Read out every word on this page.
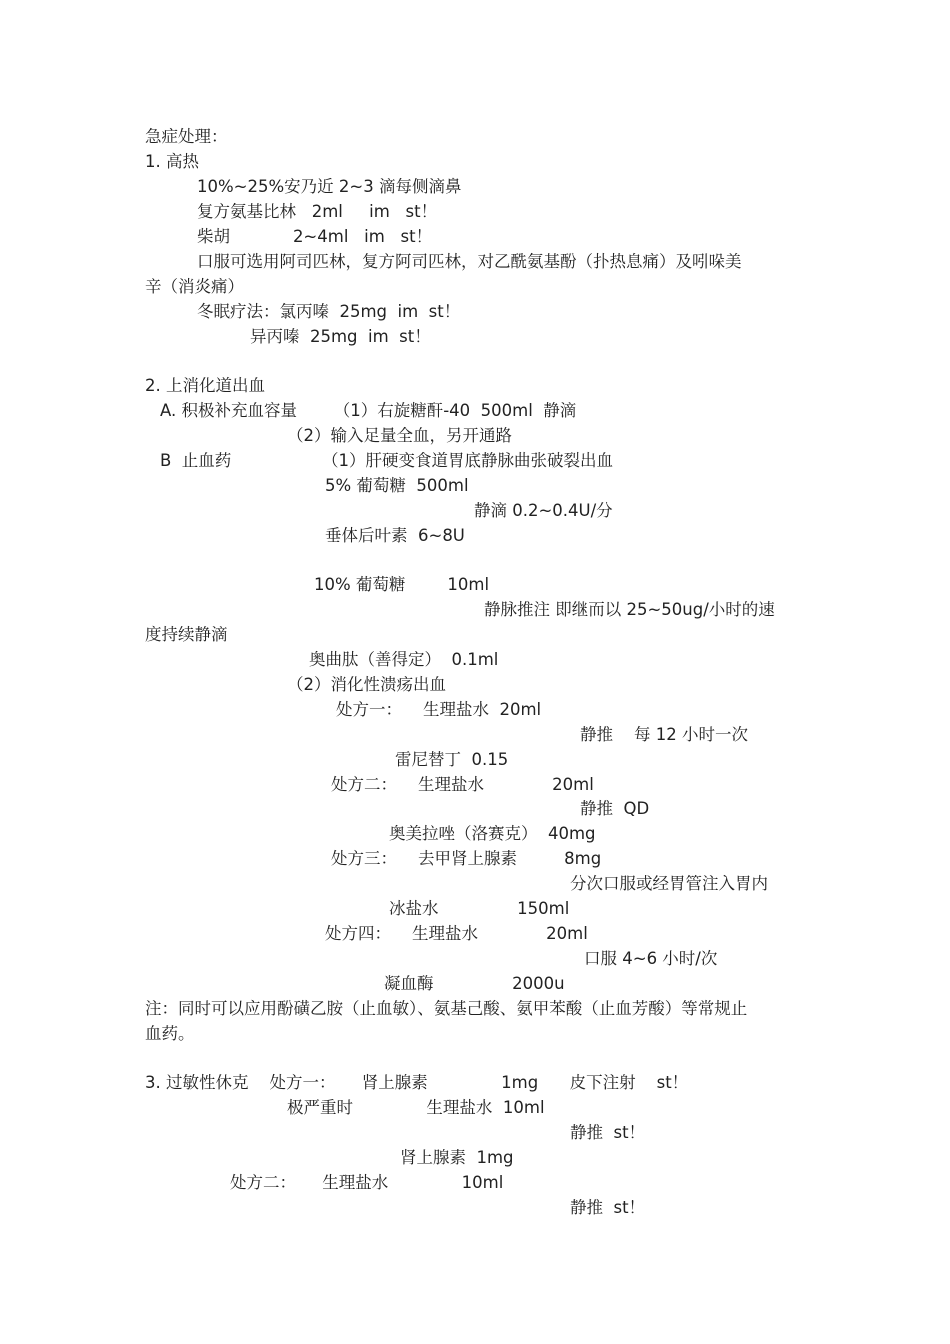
急症处理：
1. 高热
10%~25%安乃近 2~3 滴每侧滴鼻
复方氨基比林   2ml     im   st！
柴胡            2~4ml   im   st！
口服可选用阿司匹林，复方阿司匹林，对乙酰氨基酚（扑热息痛）及吲哚美
辛（消炎痛）
冬眠疗法：氯丙嗪  25mg  im  st！
异丙嗪  25mg  im  st！
2. 上消化道出血
A. 积极补充血容量       （1）右旋糖酐-40  500ml  静滴
（2）输入足量全血，另开通路
B  止血药	（1）肝硬变食道胃底静脉曲张破裂出血
5% 葡萄糖  500ml
静滴 0.2~0.4U/分
垂体后叶素  6~8U
10% 葡萄糖        10ml
静脉推注 即继而以 25~50ug/小时的速
度持续静滴
奥曲肽（善得定）  0.1ml
（2）消化性溃疡出血
处方一：    生理盐水  20ml
静推    每 12 小时一次
雷尼替丁  0.15
处方二：    生理盐水             20ml
静推  QD
奥美拉唑（洛赛克）  40mg
处方三：    去甲肾上腺素         8mg
分次口服或经胃管注入胃内
冰盐水               150ml
处方四：    生理盐水             20ml
口服 4~6 小时/次
凝血酶               2000u
注：同时可以应用酚磺乙胺（止血敏）、氨基己酸、氨甲苯酸（止血芳酸）等常规止
血药。
3. 过敏性休克    处方一：     肾上腺素              1mg      皮下注射    st！
极严重时              生理盐水  10ml
静推  st！
肾上腺素  1mg
处方二：     生理盐水              10ml
静推  st！
